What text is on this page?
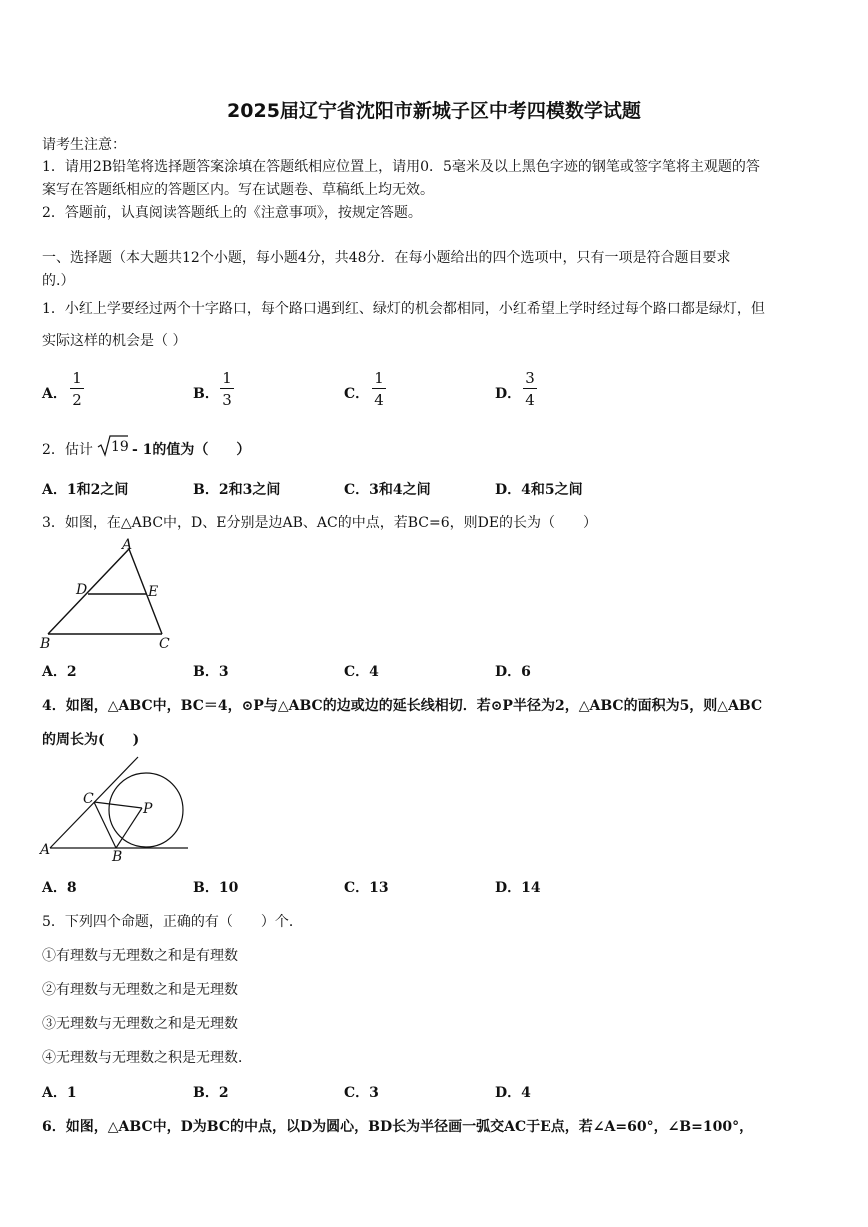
2025届辽宁省沈阳市新城子区中考四模数学试题
请考生注意：
1．请用2B铅笔将选择题答案涂填在答题纸相应位置上，请用0．5毫米及以上黑色字迹的钢笔或签字笔将主观题的答
案写在答题纸相应的答题区内。写在试题卷、草稿纸上均无效。
2．答题前，认真阅读答题纸上的《注意事项》，按规定答题。
一、选择题（本大题共12个小题，每小题4分，共48分．在每小题给出的四个选项中，只有一项是符合题目要求
的.）
1．小红上学要经过两个十字路口，每个路口遇到红、绿灯的机会都相同，小红希望上学时经过每个路口都是绿灯，但
实际这样的机会是（ ）
A． $\frac{1}{2}$	B． $\frac{1}{3}$	C． $\frac{1}{4}$	D． $\frac{3}{4}$
2．估计 19 - 1的值为（　　）
A．1和2之间	B．2和3之间	C．3和4之间	D．4和5之间
3．如图，在△ABC中，D、E分别是边AB、AC的中点，若BC=6，则DE的长为（　　）
A
D	E
B	C
A．2	B．3	C．4	D．6
4．如图，△ABC中，BC＝4，⊙P与△ABC的边或边的延长线相切．若⊙P半径为2，△ABC的面积为5，则△ABC
的周长为(　　)
C
P
A	B
A．8	B．10	C．13	D．14
5．下列四个命题，正确的有（　　）个．
①有理数与无理数之和是有理数
②有理数与无理数之和是无理数
③无理数与无理数之和是无理数
④无理数与无理数之积是无理数．
A．1	B．2	C．3	D．4
6．如图，△ABC中，D为BC的中点，以D为圆心，BD长为半径画一弧交AC于E点，若∠A=60°，∠B=100°，
